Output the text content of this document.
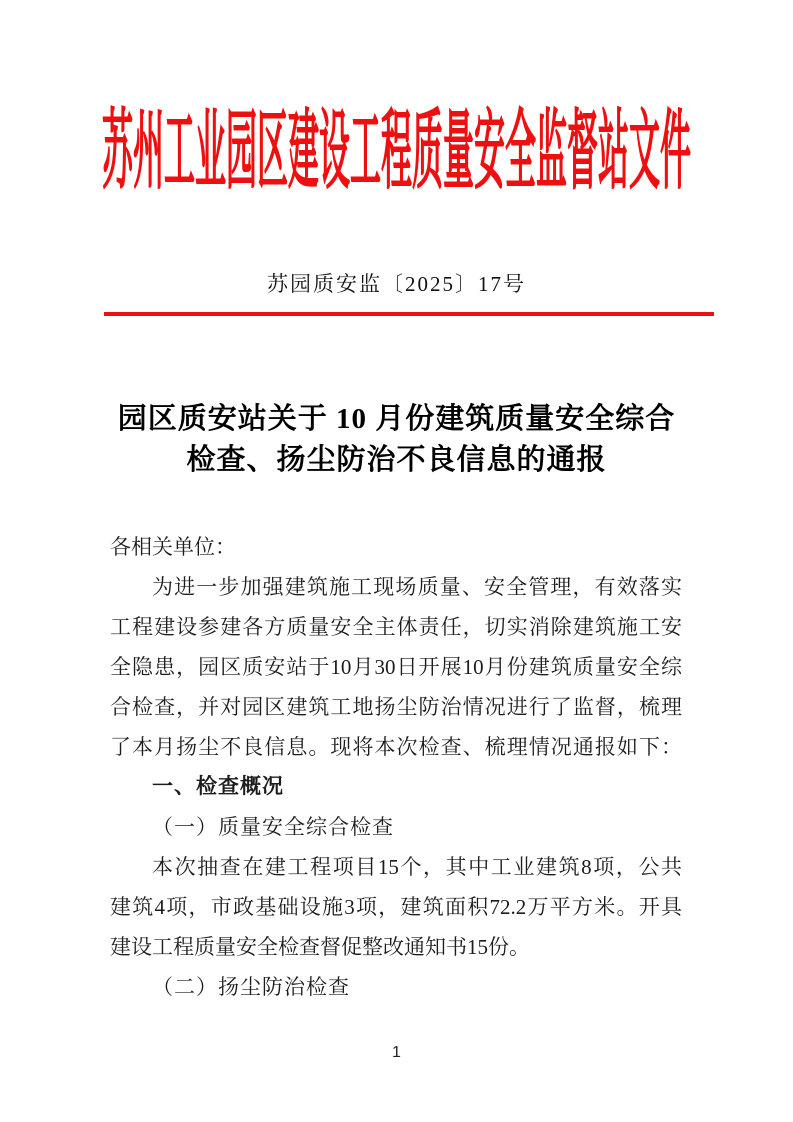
苏州工业园区建设工程质量安全监督站文件
苏园质安监〔2025〕17号
园区质安站关于 10 月份建筑质量安全综合
检查、扬尘防治不良信息的通报
各相关单位：
为进一步加强建筑施工现场质量、安全管理，有效落实
工程建设参建各方质量安全主体责任，切实消除建筑施工安
全隐患，园区质安站于10月30日开展10月份建筑质量安全综
合检查，并对园区建筑工地扬尘防治情况进行了监督，梳理
了本月扬尘不良信息。现将本次检查、梳理情况通报如下：
一、检查概况
（一）质量安全综合检查
本次抽查在建工程项目15个，其中工业建筑8项，公共
建筑4项，市政基础设施3项，建筑面积72.2万平方米。开具
建设工程质量安全检查督促整改通知书15份。
（二）扬尘防治检查
1
